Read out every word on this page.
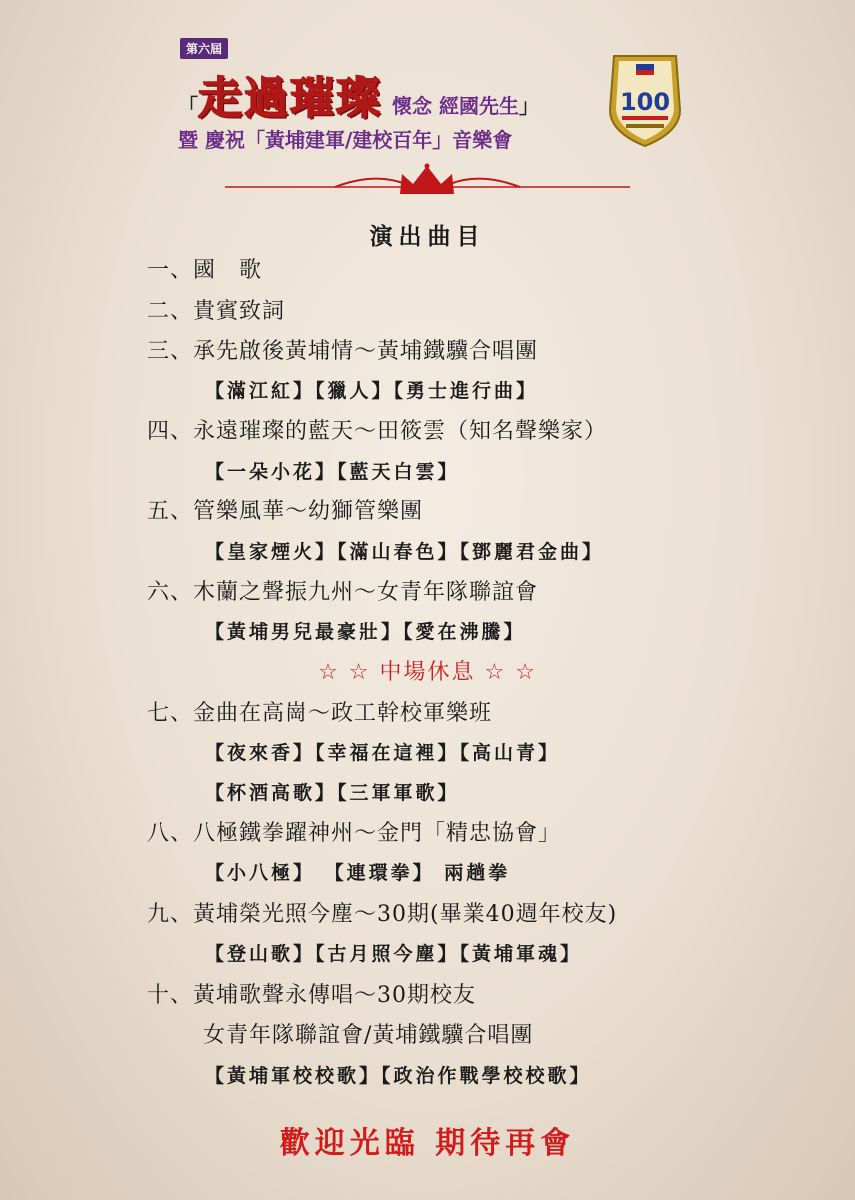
第六屆
「走過璀璨 懷念 經國先生」
暨 慶祝「黃埔建軍/建校百年」音樂會
100
演出曲目
一、國　歌
二、貴賓致詞
三、承先啟後黃埔情～黃埔鐵驥合唱團
【滿江紅】【獵人】【勇士進行曲】
四、永遠璀璨的藍天～田筱雲（知名聲樂家）
【一朵小花】【藍天白雲】
五、管樂風華～幼獅管樂團
【皇家煙火】【滿山春色】【鄧麗君金曲】
六、木蘭之聲振九州～女青年隊聯誼會
【黃埔男兒最豪壯】【愛在沸騰】
☆ ☆ 中場休息 ☆ ☆
七、金曲在高崗～政工幹校軍樂班
【夜來香】【幸福在這裡】【高山青】
【杯酒高歌】【三軍軍歌】
八、八極鐵拳躍神州～金門「精忠協會」
【小八極】 【連環拳】 兩趟拳
九、黃埔榮光照今塵～30期(畢業40週年校友)
【登山歌】【古月照今塵】【黃埔軍魂】
十、黃埔歌聲永傳唱～30期校友
女青年隊聯誼會/黃埔鐵驥合唱團
【黃埔軍校校歌】【政治作戰學校校歌】
歡迎光臨 期待再會
